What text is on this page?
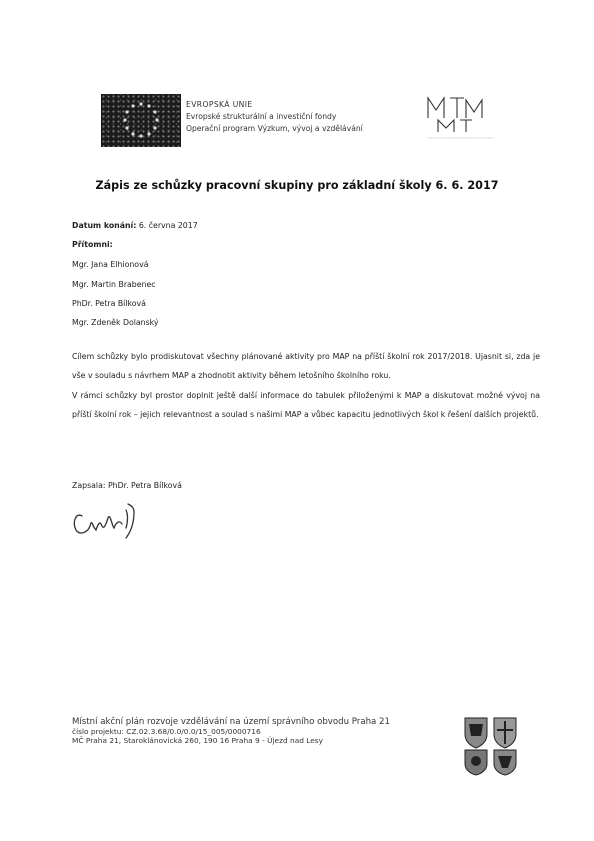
EVROPSKÁ UNIE
Evropské strukturální a investiční fondy
Operační program Výzkum, vývoj a vzdělávání
Zápis ze schůzky pracovní skupiny pro základní školy 6. 6. 2017
Datum konání: 6. června 2017
Přítomni:
Mgr. Jana Elhionová
Mgr. Martin Brabenec
PhDr. Petra Bílková
Mgr. Zdeněk Dolanský
Cílem schůzky bylo prodiskutovat všechny plánované aktivity pro MAP na příští školní rok 2017/2018. Ujasnit si, zda je vše v souladu s návrhem MAP a zhodnotit aktivity během letošního školního roku.
V rámci schůzky byl prostor doplnit ještě další informace do tabulek přiloženými k MAP a diskutovat možné vývoj na příští školní rok – jejich relevantnost a soulad s našimi MAP a vůbec kapacitu jednotlivých škol k řešení dalších projektů.
Zapsala: PhDr. Petra Bílková
Místní akční plán rozvoje vzdělávání na území správního obvodu Praha 21
číslo projektu: CZ.02.3.68/0.0/0.0/15_005/0000716
MČ Praha 21, Staroklánovická 260, 190 16 Praha 9 - Újezd nad Lesy
